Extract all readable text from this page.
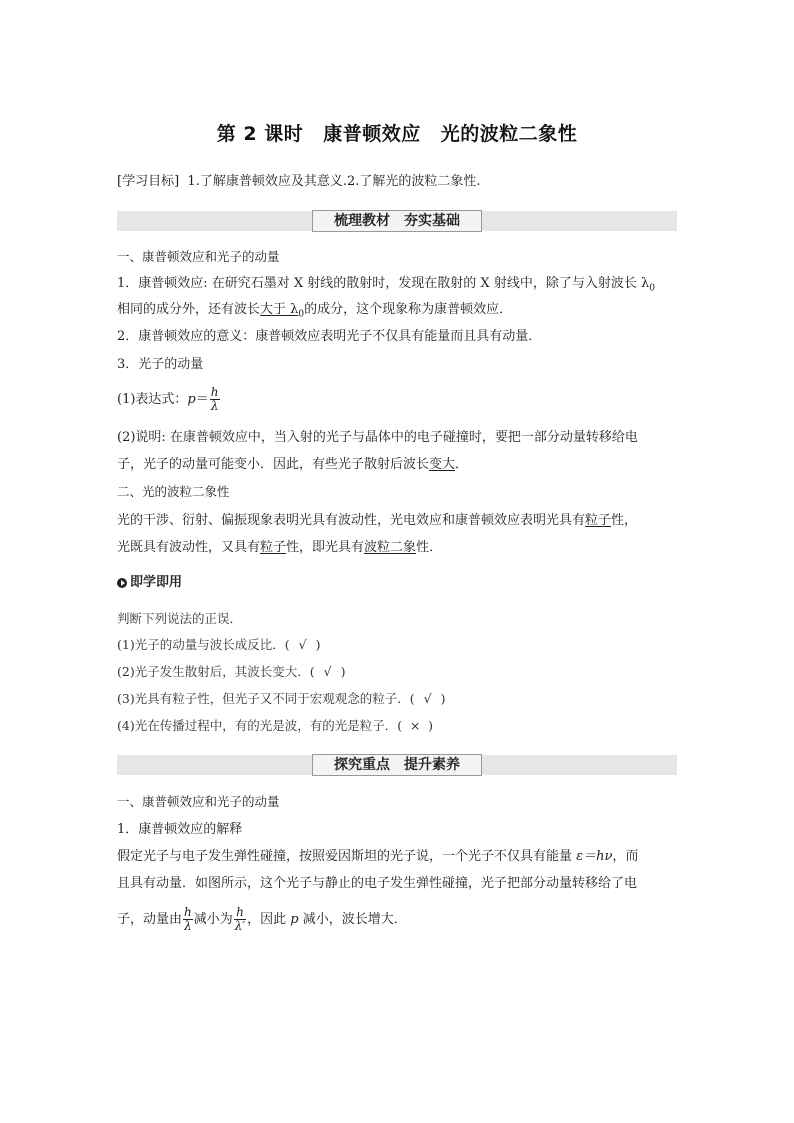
第 2 课时 康普顿效应 光的波粒二象性
[学习目标] 1.了解康普顿效应及其意义.2.了解光的波粒二象性.
梳理教材 夯实基础
一、康普顿效应和光子的动量
1．康普顿效应: 在研究石墨对 X 射线的散射时，发现在散射的 X 射线中，除了与入射波长 $\lambda_0$
相同的成分外，还有波长大于 $\lambda_0$的成分，这个现象称为康普顿效应．
2．康普顿效应的意义：康普顿效应表明光子不仅具有能量而且具有动量．
3．光子的动量
(1)表达式：$p= \frac{h}{\lambda}$
(2)说明: 在康普顿效应中，当入射的光子与晶体中的电子碰撞时，要把一部分动量转移给电
子，光子的动量可能变小．因此，有些光子散射后波长变大．
二、光的波粒二象性
光的干涉、衍射、偏振现象表明光具有波动性，光电效应和康普顿效应表明光具有粒子性，
光既具有波动性，又具有粒子性，即光具有波粒二象性．
即学即用
判断下列说法的正误．
(1)光子的动量与波长成反比．( √ )
(2)光子发生散射后，其波长变大．( √ )
(3)光具有粒子性，但光子又不同于宏观观念的粒子．( √ )
(4)光在传播过程中，有的光是波，有的光是粒子．( × )
探究重点 提升素养
一、康普顿效应和光子的动量
1．康普顿效应的解释
假定光子与电子发生弹性碰撞，按照爱因斯坦的光子说，一个光子不仅具有能量 ε＝hν，而
且具有动量．如图所示，这个光子与静止的电子发生弹性碰撞，光子把部分动量转移给了电
子，动量由 $\frac{h}{\lambda}$ 减小为 $\frac{h}{\lambda'}$ ，因此 p 减小，波长增大．
